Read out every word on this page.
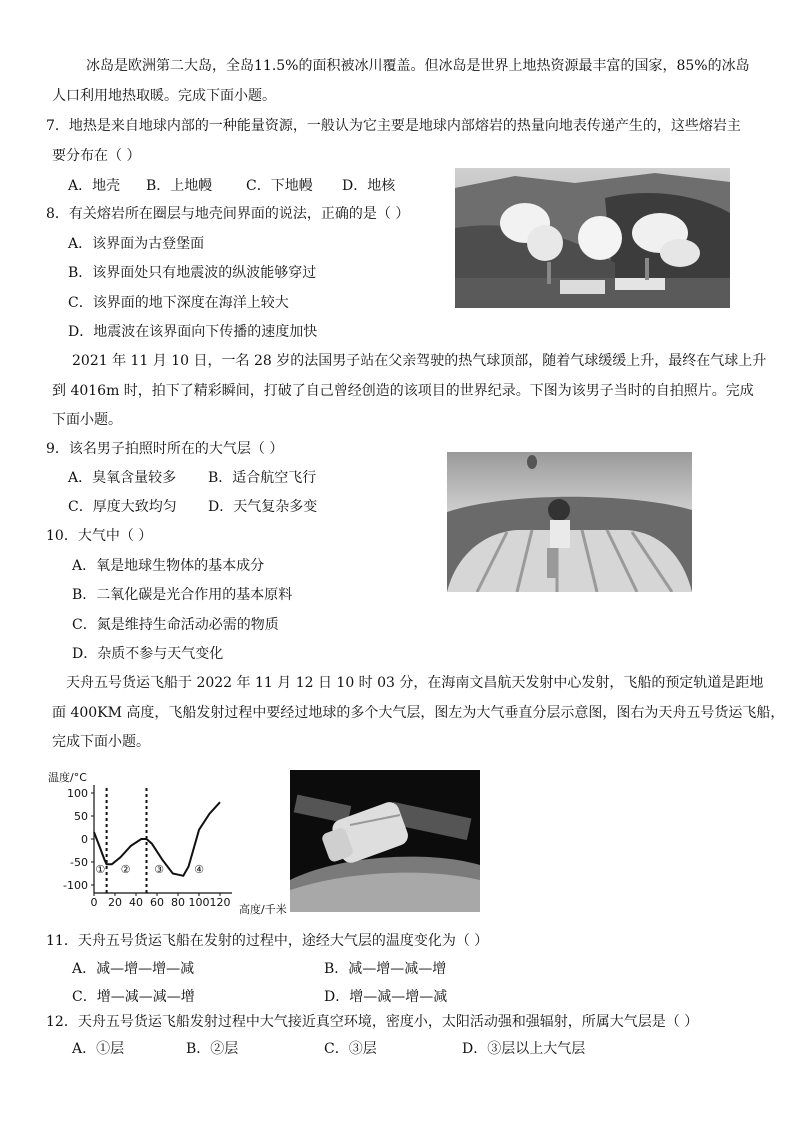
冰岛是欧洲第二大岛，全岛11.5%的面积被冰川覆盖。但冰岛是世界上地热资源最丰富的国家，85%的冰岛
人口利用地热取暖。完成下面小题。
7．地热是来自地球内部的一种能量资源，一般认为它主要是地球内部熔岩的热量向地表传递产生的，这些熔岩主
要分布在（ ）
A．地壳 B．上地幔 C．下地幔 D．地核
8．有关熔岩所在圈层与地壳间界面的说法，正确的是（ ）
A．该界面为古登堡面
B．该界面处只有地震波的纵波能够穿过
C．该界面的地下深度在海洋上较大
D．地震波在该界面向下传播的速度加快
2021 年 11 月 10 日，一名 28 岁的法国男子站在父亲驾驶的热气球顶部，随着气球缓缓上升，最终在气球上升
到 4016m 时，拍下了精彩瞬间，打破了自己曾经创造的该项目的世界纪录。下图为该男子当时的自拍照片。完成
下面小题。
9．该名男子拍照时所在的大气层（ ）
A．臭氧含量较多 B．适合航空飞行
C．厚度大致均匀 D．天气复杂多变
10．大气中（ ）
A．氧是地球生物体的基本成分
B．二氧化碳是光合作用的基本原料
C．氮是维持生命活动必需的物质
D．杂质不参与天气变化
天舟五号货运飞船于 2022 年 11 月 12 日 10 时 03 分，在海南文昌航天发射中心发射，飞船的预定轨道是距地
面 400KM 高度，飞船发射过程中要经过地球的多个大气层，图左为大气垂直分层示意图，图右为天舟五号货运飞船，
完成下面小题。
温度/°C
高度/千米
100
50
0
-50
-100
0 20 40 60 80 100 120
① ② ③	④
11．天舟五号货运飞船在发射的过程中，途经大气层的温度变化为（ ）
A．减—增—增—减	B．减—增—减—增
C．增—减—减—增	D．增—减—增—减
12．天舟五号货运飞船发射过程中大气接近真空环境，密度小，太阳活动强和强辐射，所属大气层是（ ）
A．①层	B．②层	C．③层	D．③层以上大气层
